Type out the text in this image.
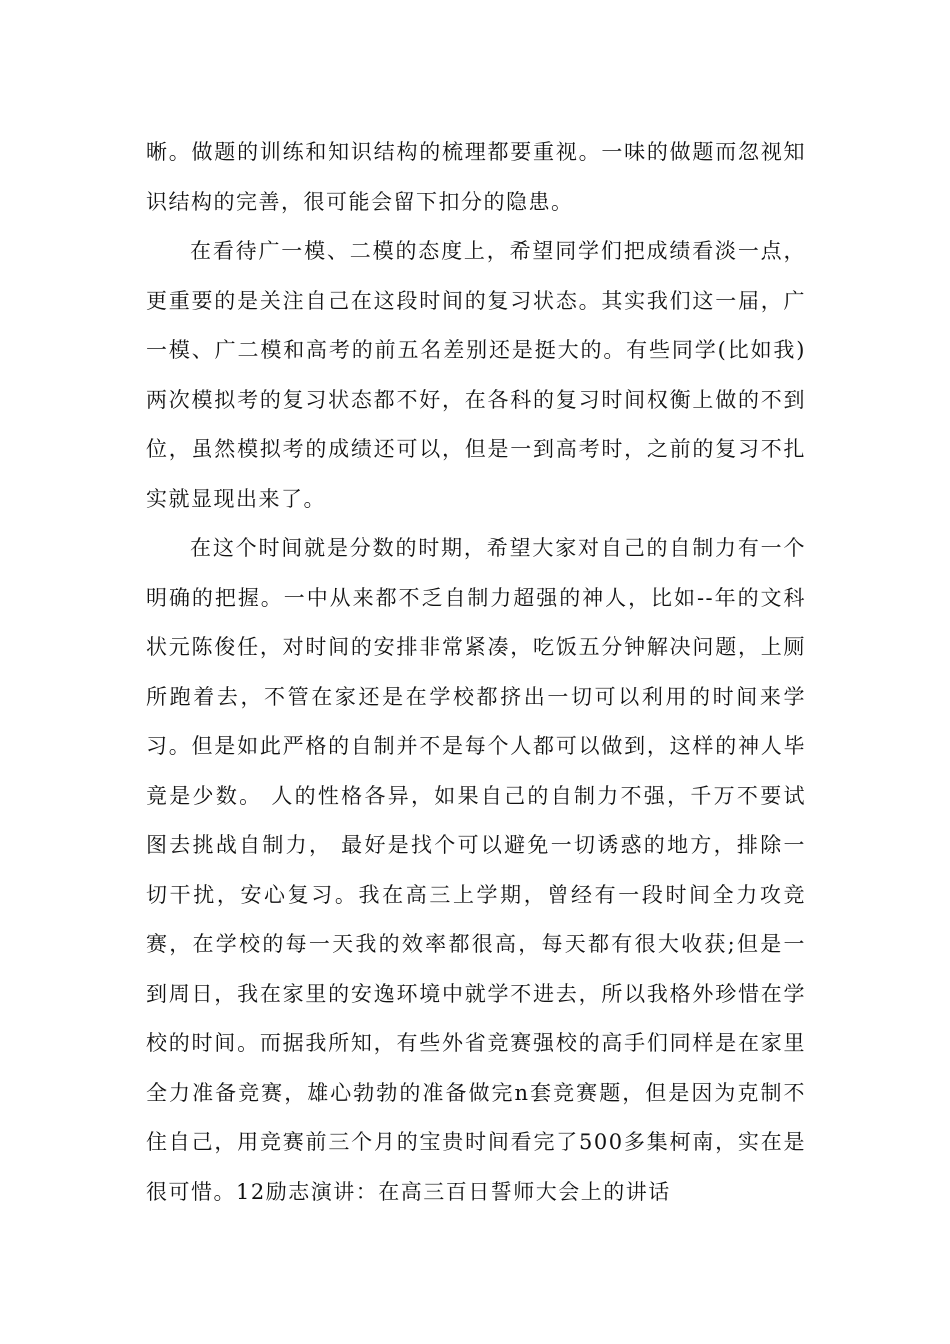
晰。做题的训练和知识结构的梳理都要重视。一味的做题而忽视知识结构的完善，很可能会留下扣分的隐患。

在看待广一模、二模的态度上，希望同学们把成绩看淡一点，更重要的是关注自己在这段时间的复习状态。其实我们这一届，广一模、广二模和高考的前五名差别还是挺大的。有些同学(比如我)两次模拟考的复习状态都不好，在各科的复习时间权衡上做的不到位，虽然模拟考的成绩还可以，但是一到高考时，之前的复习不扎实就显现出来了。

在这个时间就是分数的时期，希望大家对自己的自制力有一个明确的把握。一中从来都不乏自制力超强的神人，比如--年的文科状元陈俊任，对时间的安排非常紧凑，吃饭五分钟解决问题，上厕所跑着去，不管在家还是在学校都挤出一切可以利用的时间来学习。但是如此严格的自制并不是每个人都可以做到，这样的神人毕竟是少数。 人的性格各异，如果自己的自制力不强，千万不要试图去挑战自制力， 最好是找个可以避免一切诱惑的地方，排除一切干扰，安心复习。我在高三上学期，曾经有一段时间全力攻竞赛，在学校的每一天我的效率都很高，每天都有很大收获;但是一到周日，我在家里的安逸环境中就学不进去，所以我格外珍惜在学校的时间。而据我所知，有些外省竞赛强校的高手们同样是在家里全力准备竞赛，雄心勃勃的准备做完n套竞赛题，但是因为克制不住自己，用竞赛前三个月的宝贵时间看完了500多集柯南，实在是很可惜。12励志演讲：在高三百日誓师大会上的讲话
